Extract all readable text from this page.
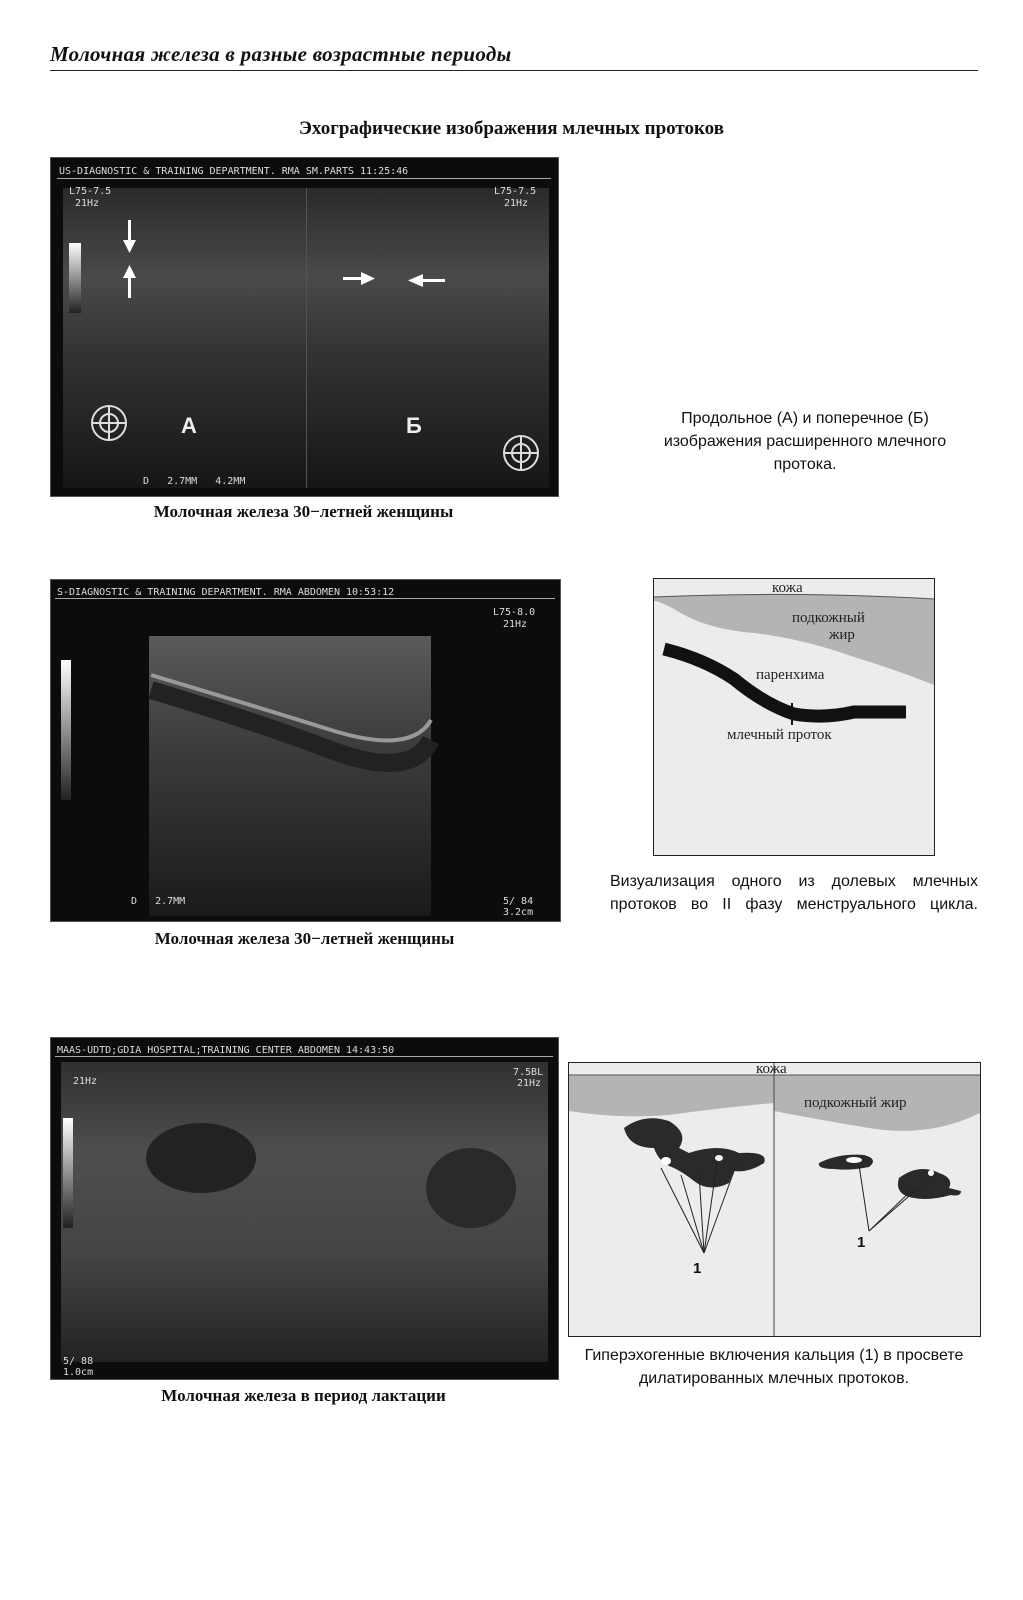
Молочная железа в разные возрастные периоды
Эхографические изображения млечных протоков
US-DIAGNOSTIC & TRAINING DEPARTMENT. RMA SM.PARTS 11:25:46
L75-7.5
21Hz
L75-7.5
21Hz
А	Б
D   2.7MM   4.2MM
Молочная железа 30−летней женщины
Продольное (А) и поперечное (Б) изображения расширенного млечного протока.
S-DIAGNOSTIC & TRAINING DEPARTMENT. RMA ABDOMEN 10:53:12
L75-8.0
21Hz
D   2.7MM	5/ 84
3.2cm
Молочная железа 30−летней женщины
кожа
подкожный
жир
паренхима
млечный проток
Визуализация одного из долевых млечных протоков во II фазу менструального цикла.
MAAS-UDTD;GDIA HOSPITAL;TRAINING CENTER ABDOMEN 14:43:50
21Hz
7.5BL
21Hz
5/ 88
1.0cm
Молочная железа в период лактации
кожа
подкожный жир
1
1
Гиперэхогенные включения кальция (1) в просвете дилатированных млечных протоков.
